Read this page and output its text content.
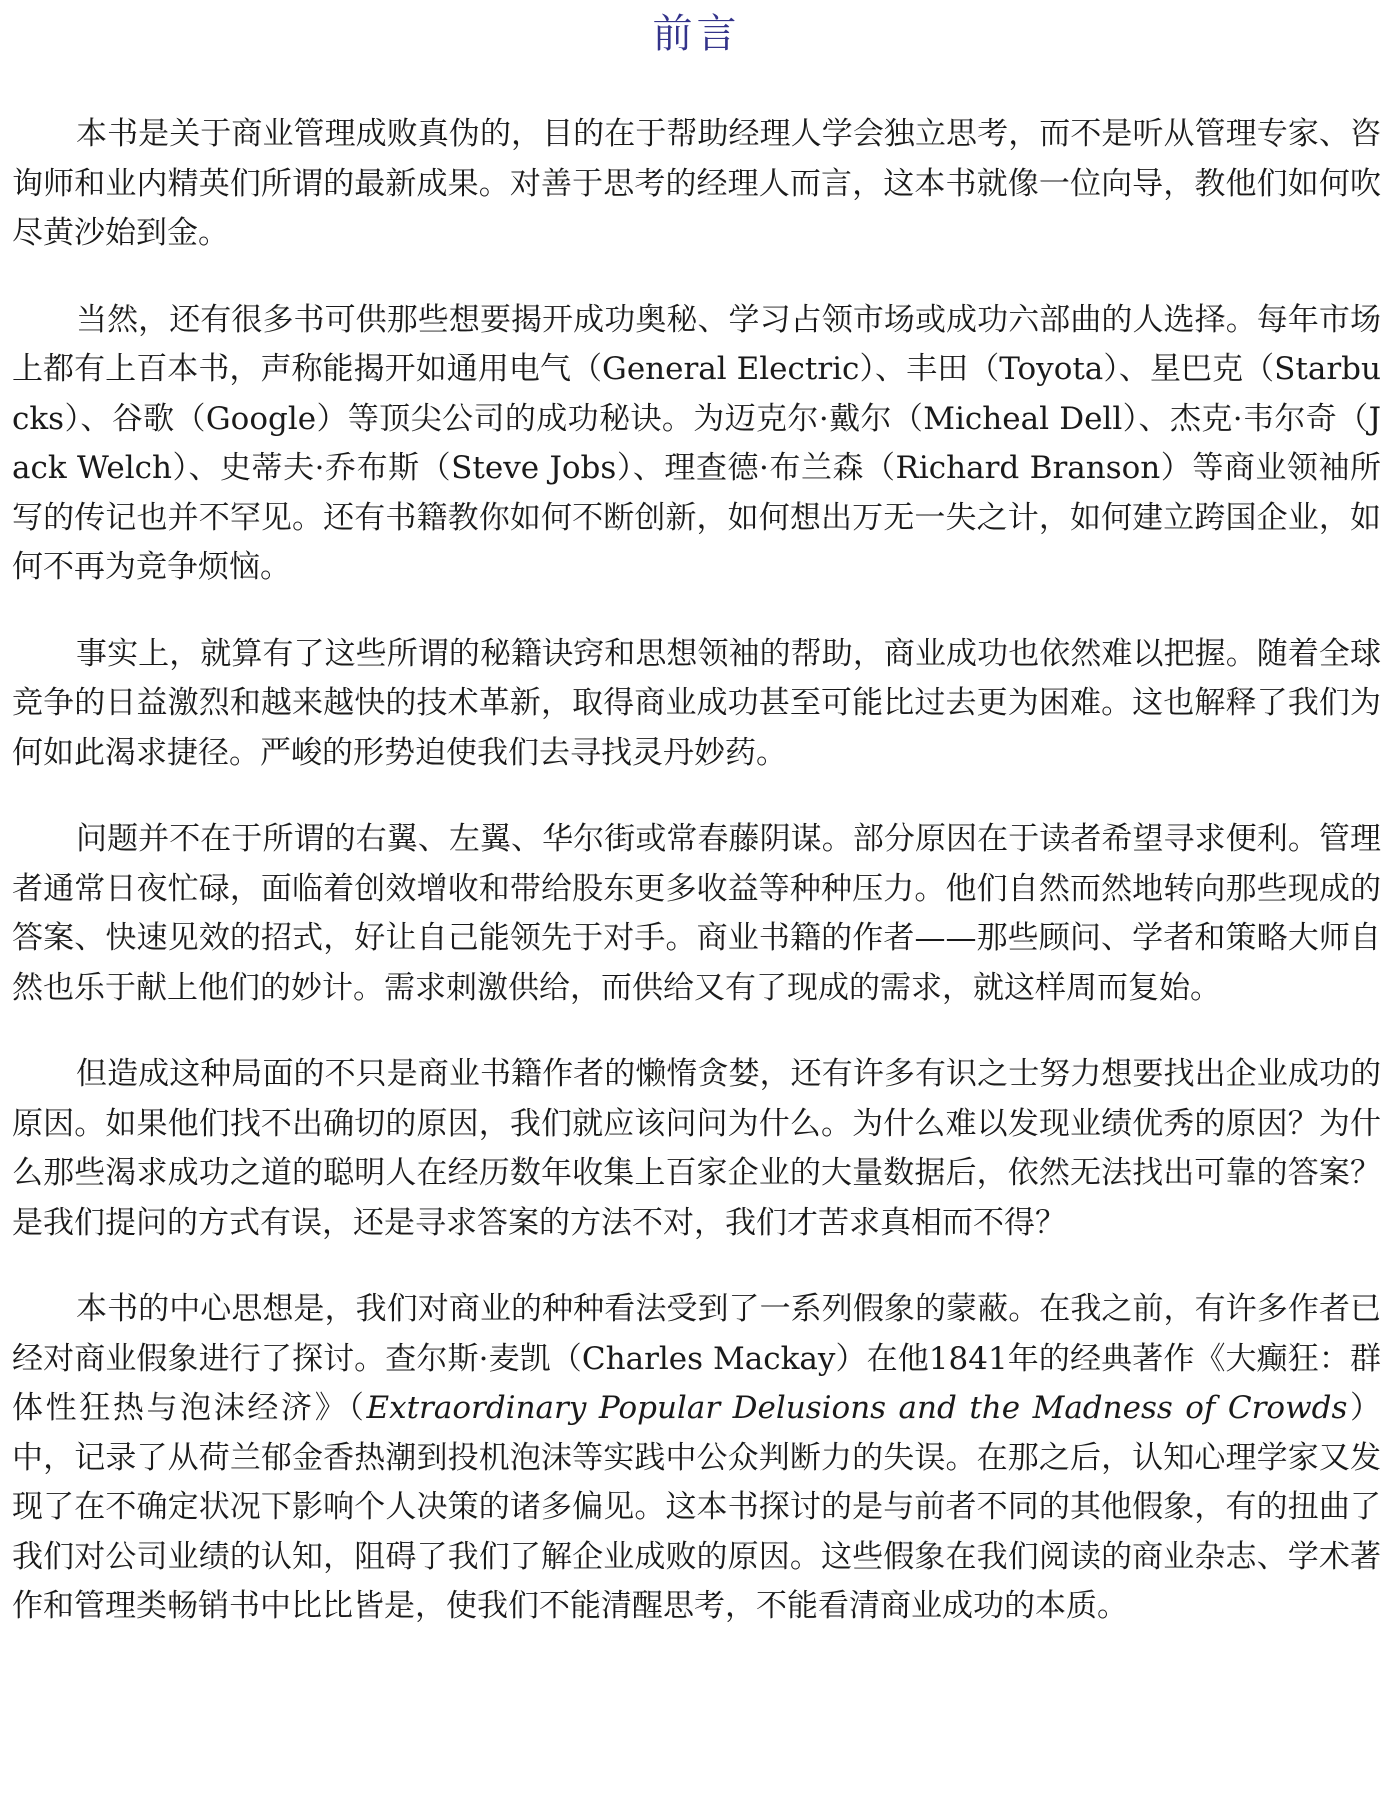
前言

本书是关于商业管理成败真伪的，目的在于帮助经理人学会独立思考，而不是听从管理专家、咨询师和业内精英们所谓的最新成果。对善于思考的经理人而言，这本书就像一位向导，教他们如何吹尽黄沙始到金。

当然，还有很多书可供那些想要揭开成功奥秘、学习占领市场或成功六部曲的人选择。每年市场上都有上百本书，声称能揭开如通用电气（General Electric）、丰田（Toyota）、星巴克（Starbucks）、谷歌（Google）等顶尖公司的成功秘诀。为迈克尔·戴尔（Micheal Dell）、杰克·韦尔奇（Jack Welch）、史蒂夫·乔布斯（Steve Jobs）、理查德·布兰森（Richard Branson）等商业领袖所写的传记也并不罕见。还有书籍教你如何不断创新，如何想出万无一失之计，如何建立跨国企业，如何不再为竞争烦恼。

事实上，就算有了这些所谓的秘籍诀窍和思想领袖的帮助，商业成功也依然难以把握。随着全球竞争的日益激烈和越来越快的技术革新，取得商业成功甚至可能比过去更为困难。这也解释了我们为何如此渴求捷径。严峻的形势迫使我们去寻找灵丹妙药。

问题并不在于所谓的右翼、左翼、华尔街或常春藤阴谋。部分原因在于读者希望寻求便利。管理者通常日夜忙碌，面临着创效增收和带给股东更多收益等种种压力。他们自然而然地转向那些现成的答案、快速见效的招式，好让自己能领先于对手。商业书籍的作者——那些顾问、学者和策略大师自然也乐于献上他们的妙计。需求刺激供给，而供给又有了现成的需求，就这样周而复始。

但造成这种局面的不只是商业书籍作者的懒惰贪婪，还有许多有识之士努力想要找出企业成功的原因。如果他们找不出确切的原因，我们就应该问问为什么。为什么难以发现业绩优秀的原因？为什么那些渴求成功之道的聪明人在经历数年收集上百家企业的大量数据后，依然无法找出可靠的答案？是我们提问的方式有误，还是寻求答案的方法不对，我们才苦求真相而不得？

本书的中心思想是，我们对商业的种种看法受到了一系列假象的蒙蔽。在我之前，有许多作者已经对商业假象进行了探讨。查尔斯·麦凯（Charles Mackay）在他1841年的经典著作《大癫狂：群体性狂热与泡沫经济》（Extraordinary Popular Delusions and the Madness of Crowds）中，记录了从荷兰郁金香热潮到投机泡沫等实践中公众判断力的失误。在那之后，认知心理学家又发现了在不确定状况下影响个人决策的诸多偏见。这本书探讨的是与前者不同的其他假象，有的扭曲了我们对公司业绩的认知，阻碍了我们了解企业成败的原因。这些假象在我们阅读的商业杂志、学术著作和管理类畅销书中比比皆是，使我们不能清醒思考，不能看清商业成功的本质。
